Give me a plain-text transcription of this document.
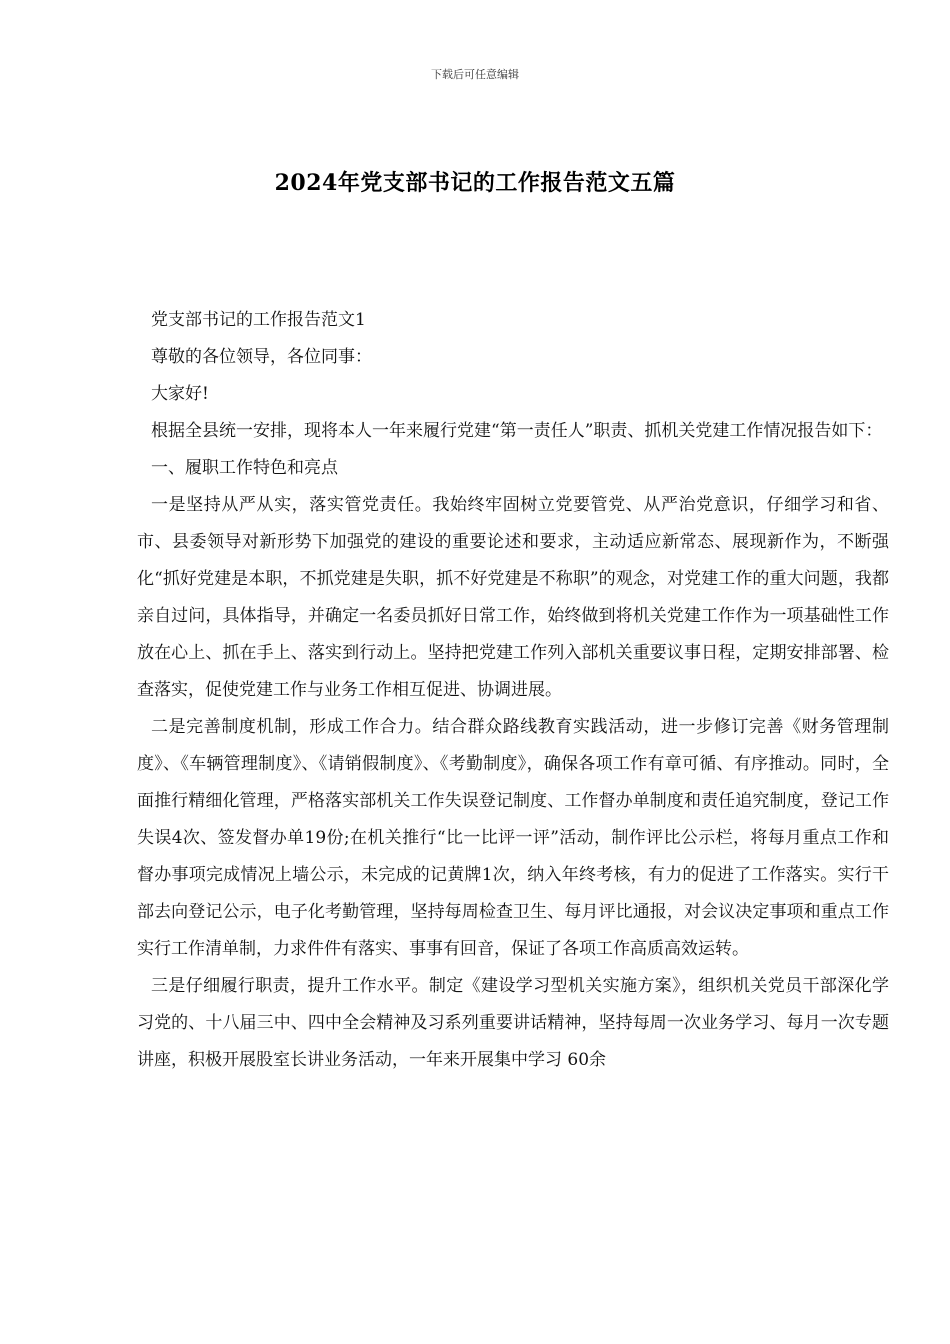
下载后可任意编辑
2024年党支部书记的工作报告范文五篇

党支部书记的工作报告范文1

尊敬的各位领导，各位同事：

大家好!

根据全县统一安排，现将本人一年来履行党建“第一责任人”职责、抓机关党建工作情况报告如下：

一、履职工作特色和亮点

一是坚持从严从实，落实管党责任。我始终牢固树立党要管党、从严治党意识，仔细学习和省、市、县委领导对新形势下加强党的建设的重要论述和要求，主动适应新常态、展现新作为，不断强化“抓好党建是本职，不抓党建是失职，抓不好党建是不称职”的观念，对党建工作的重大问题，我都亲自过问，具体指导，并确定一名委员抓好日常工作，始终做到将机关党建工作作为一项基础性工作放在心上、抓在手上、落实到行动上。坚持把党建工作列入部机关重要议事日程，定期安排部署、检查落实，促使党建工作与业务工作相互促进、协调进展。

二是完善制度机制，形成工作合力。结合群众路线教育实践活动，进一步修订完善《财务管理制度》、《车辆管理制度》、《请销假制度》、《考勤制度》，确保各项工作有章可循、有序推动。同时，全面推行精细化管理，严格落实部机关工作失误登记制度、工作督办单制度和责任追究制度，登记工作失误4次、签发督办单19份;在机关推行“比一比评一评”活动，制作评比公示栏，将每月重点工作和督办事项完成情况上墙公示，未完成的记黄牌1次，纳入年终考核，有力的促进了工作落实。实行干部去向登记公示，电子化考勤管理，坚持每周检查卫生、每月评比通报，对会议决定事项和重点工作实行工作清单制，力求件件有落实、事事有回音，保证了各项工作高质高效运转。

三是仔细履行职责，提升工作水平。制定《建设学习型机关实施方案》，组织机关党员干部深化学习党的、十八届三中、四中全会精神及习系列重要讲话精神，坚持每周一次业务学习、每月一次专题讲座，积极开展股室长讲业务活动，一年来开展集中学习 60余
